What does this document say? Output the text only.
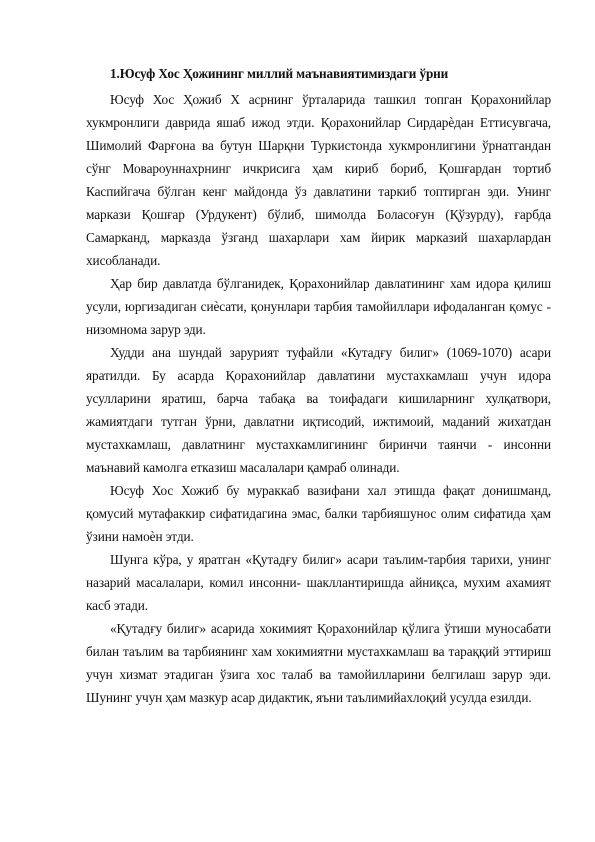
1.Юсуф Хос Ҳожининг миллий маънавиятимиздаги ўрни

Юсуф Хос Ҳожиб X асрнинг ўрталарида ташкил топган Қорахонийлар хукмронлиги даврида яшаб ижод этди. Қорахонийлар Сирдарѐдан Еттисувгача, Шимолий Фарғона ва бутун Шарқни Туркистонда хукмронлигини ўрнатгандан сўнг Мовароуннахрнинг ичкрисига ҳам кириб бориб, Қошғардан тортиб Каспийгача бўлган кенг майдонда ўз давлатини таркиб топтирган эди. Унинг маркази Қошғар (Урдукент) бўлиб, шимолда Боласоғун (Қўзурду), ғарбда Самарканд, марказда ўзганд шахарлари хам йирик марказий шахарлардан хисобланади.

Ҳар бир давлатда бўлганидек, Қорахонийлар давлатининг хам идора қилиш усули, юргизадиган сиѐсати, қонунлари тарбия тамойиллари ифодаланган қомус - низомнома зарур эди.

Худди ана шундай зарурият туфайли «Кутадғу билиг» (1069-1070) асари яратилди. Бу асарда Қорахонийлар давлатини мустахкамлаш учун идора усулларини яратиш, барча табақа ва тоифадаги кишиларнинг хулқатвори, жамиятдаги тутган ўрни, давлатни иқтисодий, ижтимоий, маданий жихатдан мустахкамлаш, давлатнинг мустахкамлигининг биринчи таянчи - инсонни маънавий камолга етказиш масалалари қамраб олинади.

Юсуф Хос Хожиб бу мураккаб вазифани хал этишда фақат донишманд, қомусий мутафаккир сифатидагина эмас, балки тарбияшунос олим сифатида ҳам ўзини намоѐн этди.

Шунга кўра, у яратган «Қутадғу билиг» асари таълим-тарбия тарихи, унинг назарий масалалари, комил инсонни- шакллантиришда айниқса, мухим ахамият касб этади.

«Қутадғу билиг» асарида хокимият Қорахонийлар қўлига ўтиши муносабати билан таълим ва тарбиянинг хам хокимиятни мустахкамлаш ва тараққий эттириш учун хизмат этадиган ўзига хос талаб ва тамойилларини белгилаш зарур эди. Шунинг учун ҳам мазкур асар дидактик, яъни таълимийахлоқий усулда езилди.
